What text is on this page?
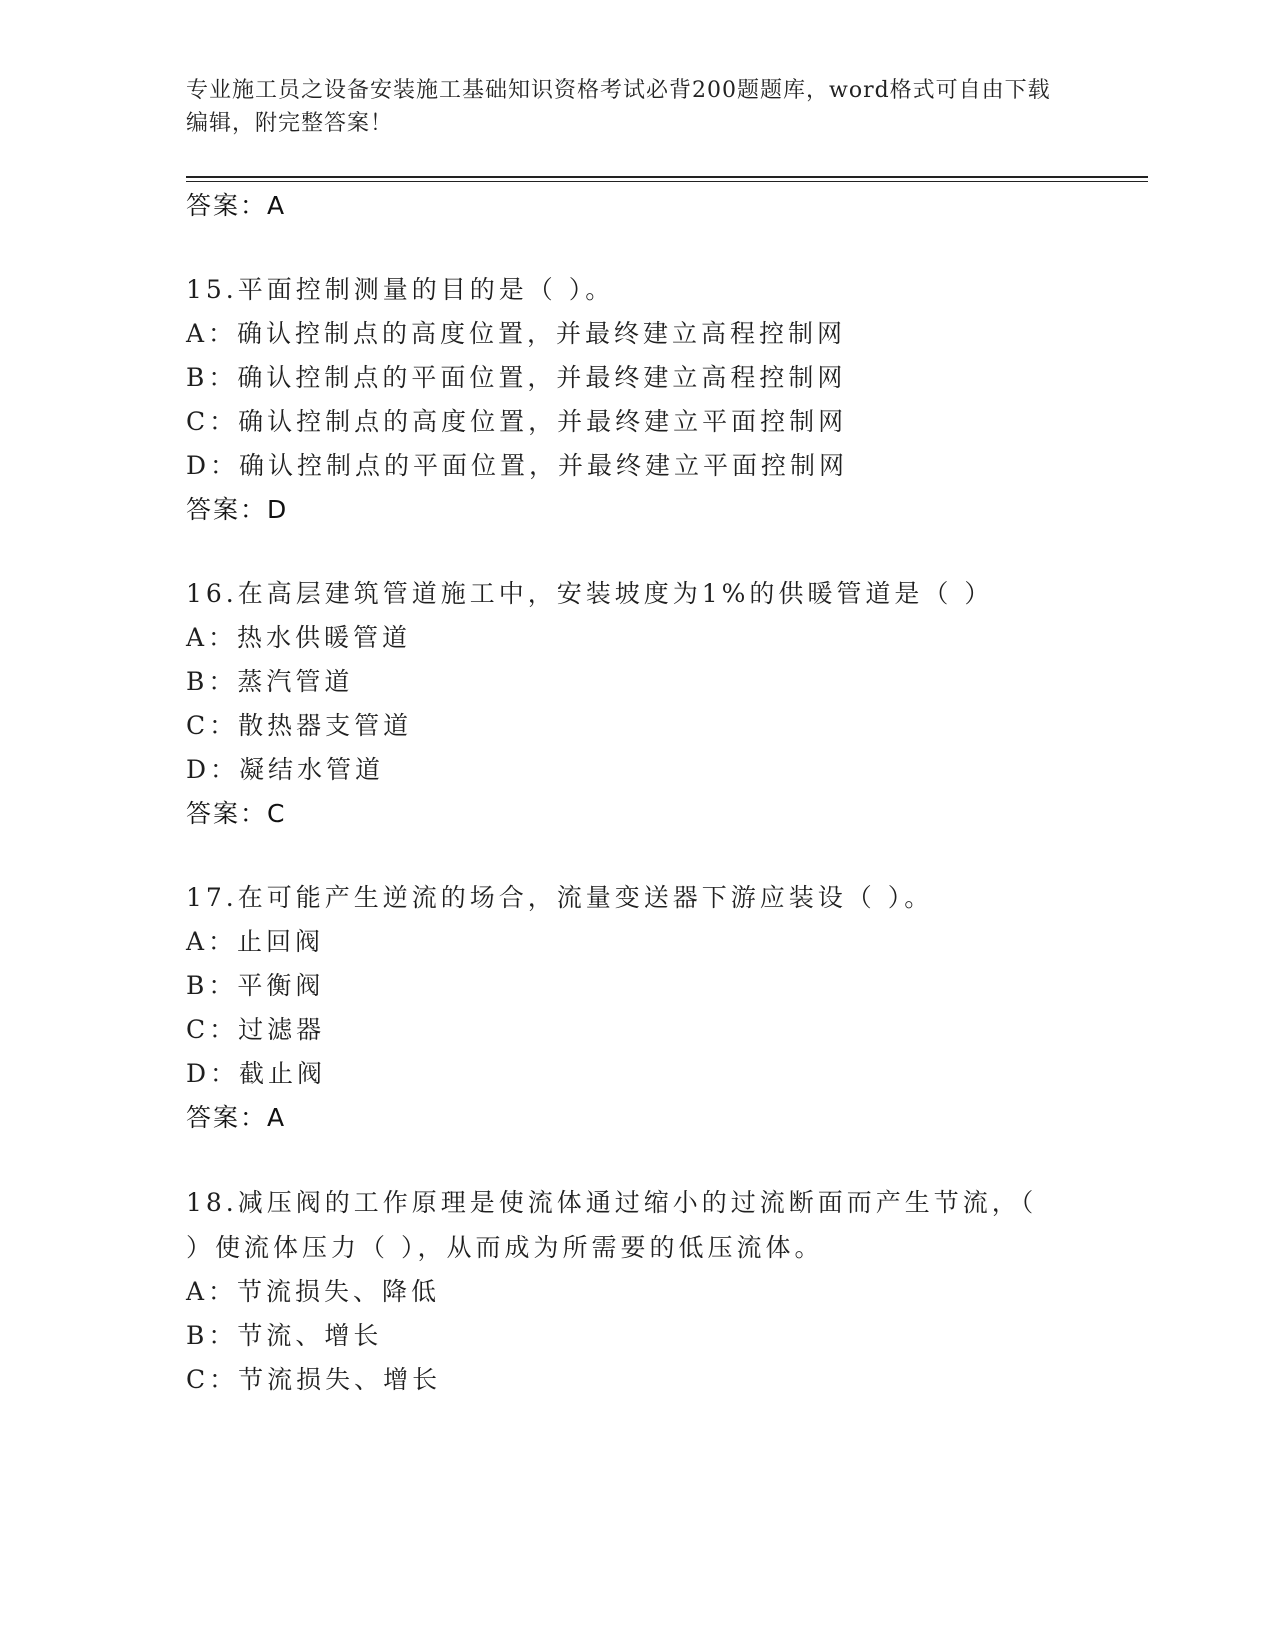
专业施工员之设备安装施工基础知识资格考试必背200题题库，word格式可自由下载编辑，附完整答案！
答案：A
15.平面控制测量的目的是（ ）。
A：确认控制点的高度位置，并最终建立高程控制网
B：确认控制点的平面位置，并最终建立高程控制网
C：确认控制点的高度位置，并最终建立平面控制网
D：确认控制点的平面位置，并最终建立平面控制网
答案：D
16.在高层建筑管道施工中，安装坡度为1%的供暖管道是（ ）
A：热水供暖管道
B：蒸汽管道
C：散热器支管道
D：凝结水管道
答案：C
17.在可能产生逆流的场合，流量变送器下游应装设（ ）。
A：止回阀
B：平衡阀
C：过滤器
D：截止阀
答案：A
18.减压阀的工作原理是使流体通过缩小的过流断面而产生节流，（ ）使流体压力（ ），从而成为所需要的低压流体。
A：节流损失、降低
B：节流、增长
C：节流损失、增长
